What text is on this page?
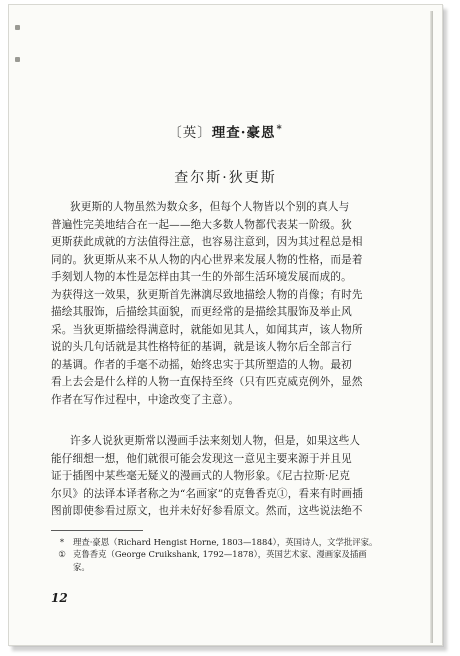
〔英〕理查·豪恩*
查尔斯·狄更斯
狄更斯的人物虽然为数众多，但每个人物皆以个别的真人与
普遍性完美地结合在一起——绝大多数人物都代表某一阶级。狄
更斯获此成就的方法值得注意，也容易注意到，因为其过程总是相
同的。狄更斯从来不从人物的内心世界来发展人物的性格，而是着
手刻划人物的本性是怎样由其一生的外部生活环境发展而成的。
为获得这一效果，狄更斯首先淋漓尽致地描绘人物的肖像；有时先
描绘其服饰，后描绘其面貌，而更经常的是描绘其服饰及举止风
采。当狄更斯描绘得满意时，就能如见其人，如闻其声，该人物所
说的头几句话就是其性格特征的基调，就是该人物尔后全部言行
的基调。作者的手毫不动摇，始终忠实于其所塑造的人物。最初
看上去会是什么样的人物一直保持至终（只有匹克威克例外，显然
作者在写作过程中，中途改变了主意）。
许多人说狄更斯常以漫画手法来刻划人物，但是，如果这些人
能仔细想一想，他们就很可能会发现这一意见主要来源于并且见
证于插图中某些毫无疑义的漫画式的人物形象。《尼古拉斯·尼克
尔贝》的法译本译者称之为“名画家”的克鲁香克①，看来有时画插
图前即使参看过原文，也并未好好参看原文。然而，这些说法绝不
*	理查·豪恩（Richard Hengist Horne, 1803—1884），英国诗人，文学批评家。
① 克鲁香克（George Cruikshank, 1792—1878），英国艺术家、漫画家及插画
家。
12
